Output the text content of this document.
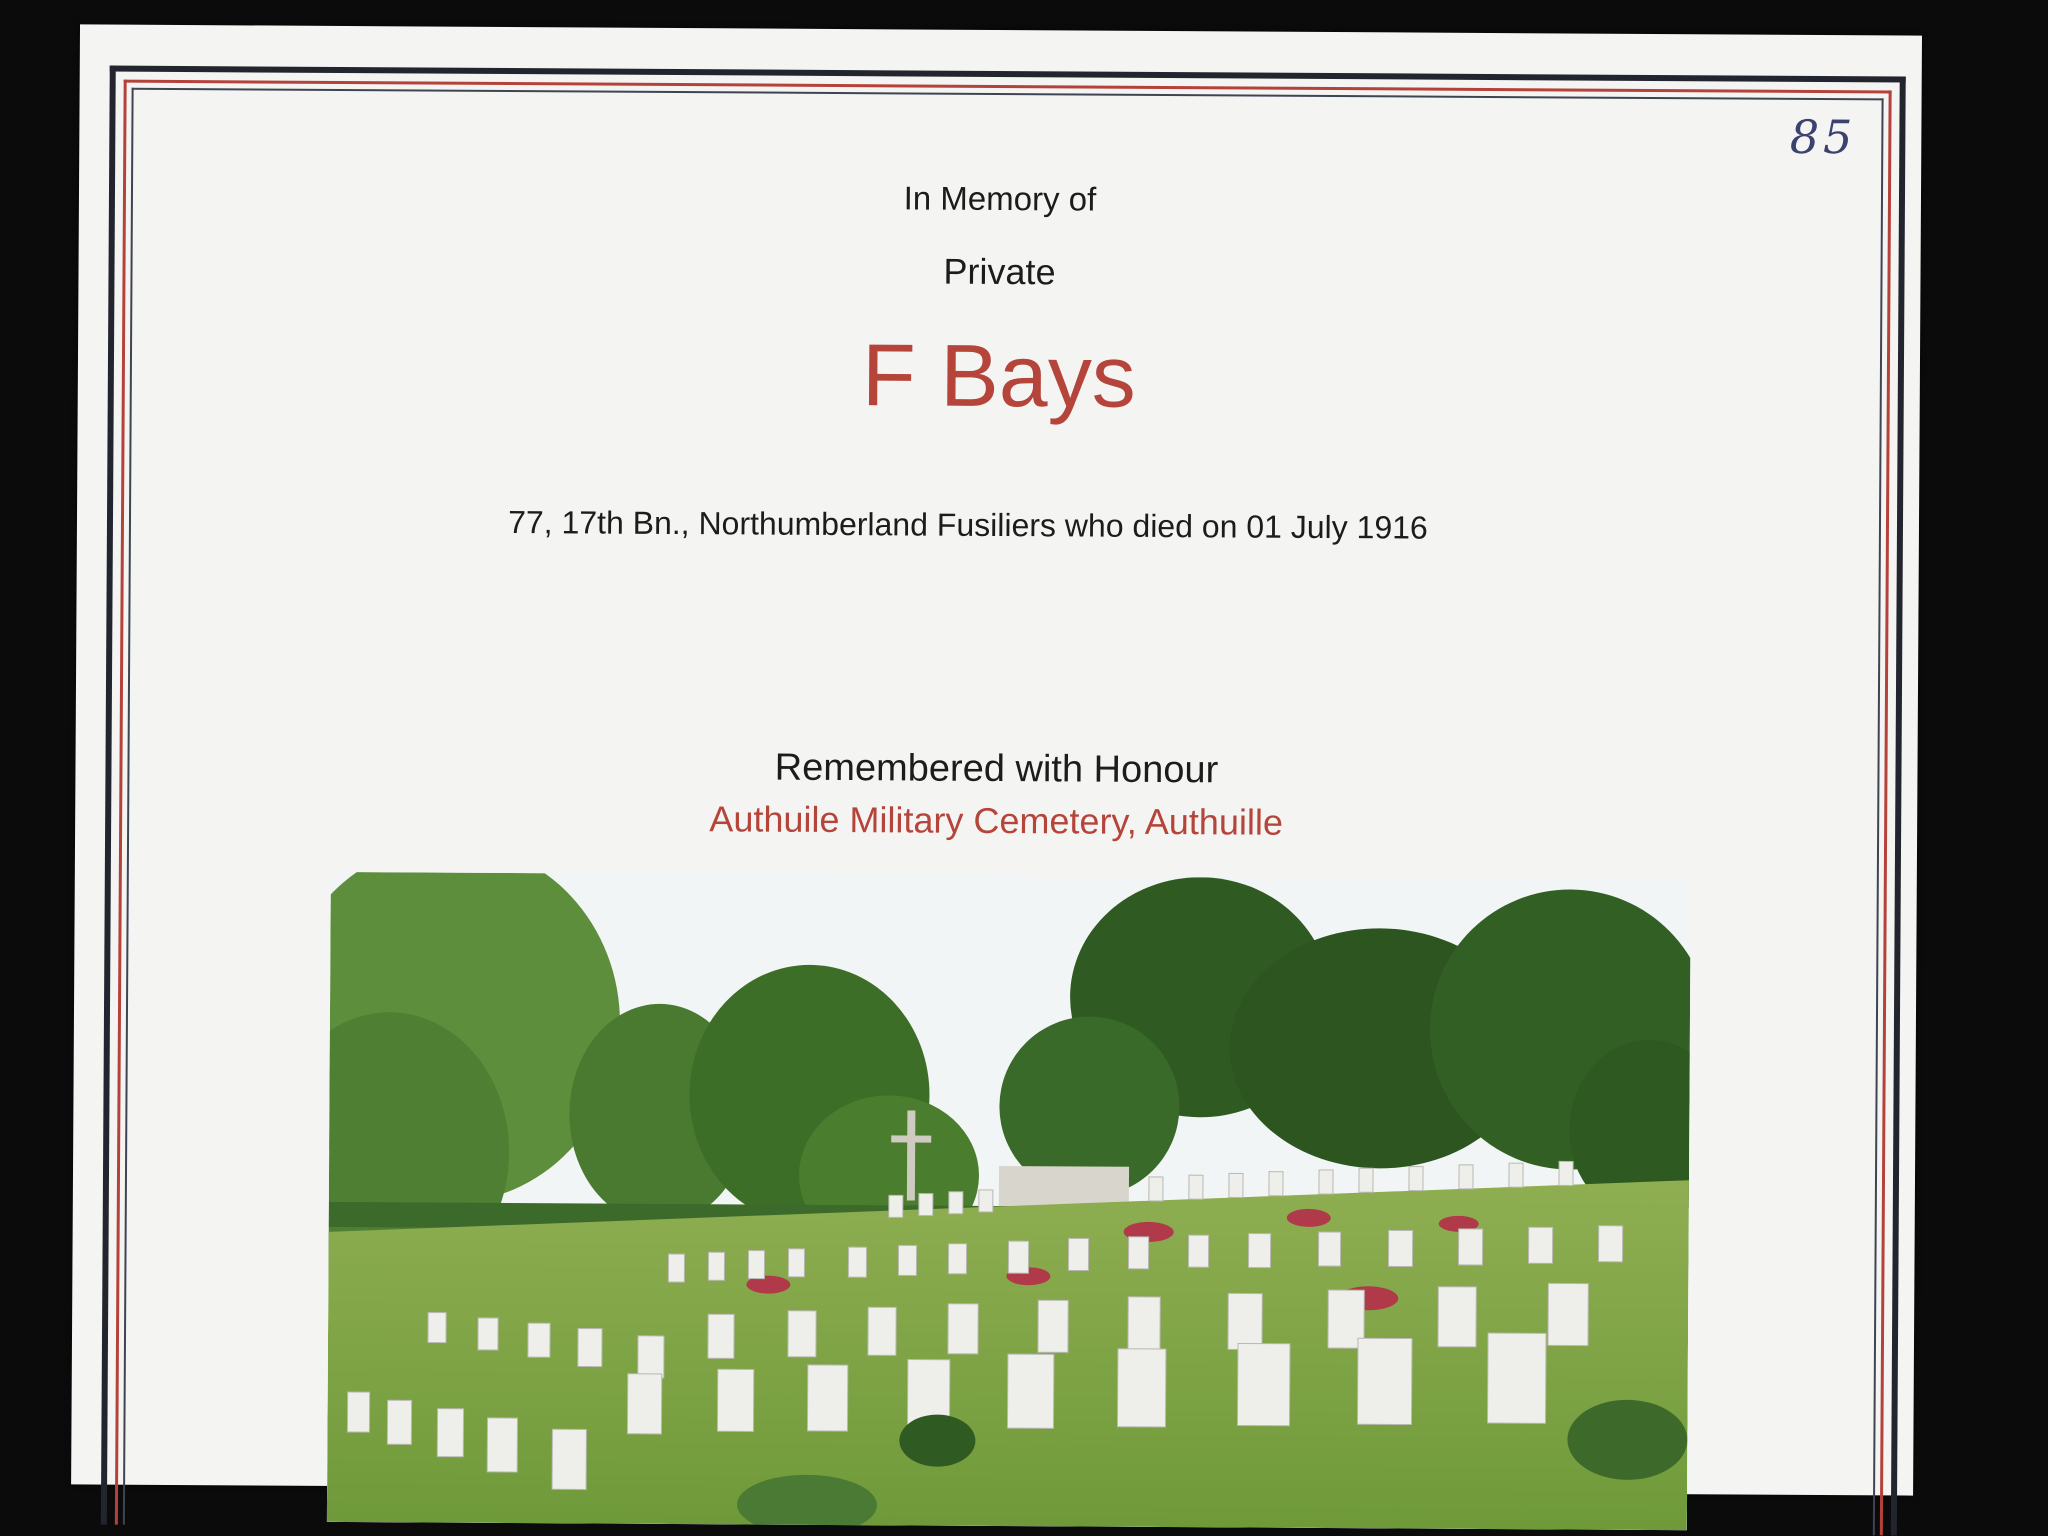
85
In Memory of
Private
F Bays
77, 17th Bn., Northumberland Fusiliers who died on 01 July 1916
Remembered with Honour
Authuile Military Cemetery, Authuille
